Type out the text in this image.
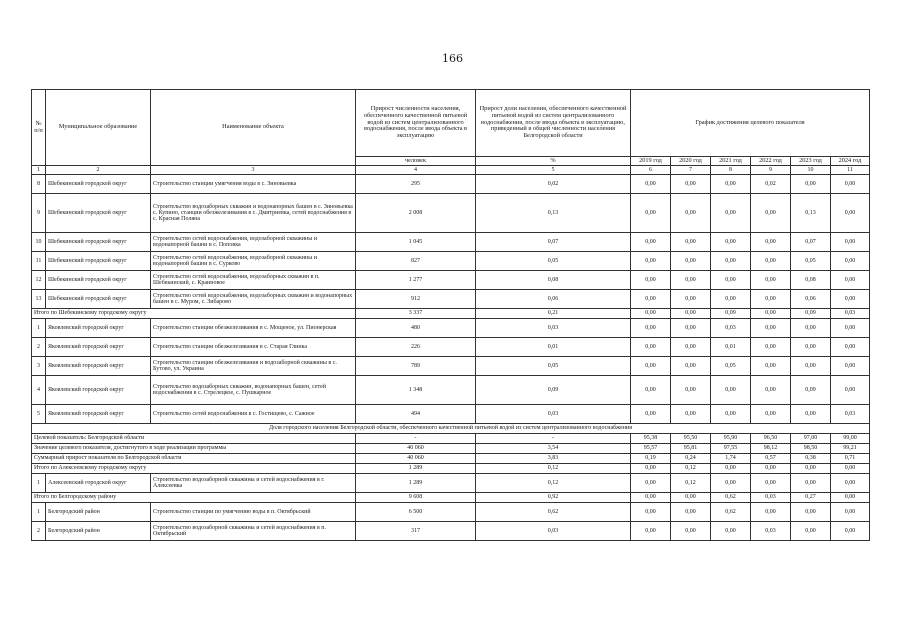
166
№ п/п	Муниципальное образование	Наименование объекта	Прирост численности населения, обеспеченного качественной питьевой водой из систем централизованного водоснабжения, после ввода объекта в эксплуатацию	Прирост доли населения, обеспеченного качественной питьевой водой из систем централизованного водоснабжения, после ввода объекта в эксплуатацию, приведенный в общей численности населения Белгородской области	График достижения целевого показателя					
			человек	%	2019 год	2020 год	2021 год	2022 год	2023 год	2024 год
1	2	3	4	5	6	7	8	9	10	11
8	Шебекинский городской округ	Строительство станции умягчения воды в с. Зиновьевка	295	0,02	0,00	0,00	0,00	0,02	0,00	0,00
9	Шебекинский городской округ	Строительство водозаборных скважин и водонапорных башен в с. Зиновьевка с. Купино, станции обезжелезивания в с. Дмитриевка, сетей водоснабжения в с. Красная Поляна	2 008	0,13	0,00	0,00	0,00	0,00	0,13	0,00
10	Шебекинский городской округ	Строительство сетей водоснабжения, водозаборной скважины и водонапорной башни в с. Поповка	1 045	0,07	0,00	0,00	0,00	0,00	0,07	0,00
11	Шебекинский городской округ	Строительство сетей водоснабжения, водозаборной скважины и водонапорной башни в с. Сурково	827	0,05	0,00	0,00	0,00	0,00	0,05	0,00
12	Шебекинский городской округ	Строительство сетей водоснабжения, водозаборных скважин в п. Шебекинский, с. Краиновое	1 277	0,08	0,00	0,00	0,00	0,00	0,08	0,00
13	Шебекинский городской округ	Строительство сетей водоснабжения, водозаборных скважин и водонапорных башен в с. Муром, с. Зибарово	912	0,06	0,00	0,00	0,00	0,00	0,06	0,00
Итого по Шебекинскому городскому округу			3 337	0,21	0,00	0,00	0,09	0,00	0,09	0,03
1	Яковлевский городской округ	Строительство станции обезжелезивания в с. Мощеное, ул. Пионерская	480	0,03	0,00	0,00	0,03	0,00	0,00	0,00
2	Яковлевский городской округ	Строительство станции обезжелезивания в с. Старая Глинка	226	0,01	0,00	0,00	0,01	0,00	0,00	0,00
3	Яковлевский городской округ	Строительство станции обезжелезивания и водозаборной скважины в с. Бутово, ул. Украина	789	0,05	0,00	0,00	0,05	0,00	0,00	0,00
4	Яковлевский городской округ	Строительство водозаборных скважин, водонапорных башен, сетей водоснабжения в с. Стрелецкое, с. Пушкарное	1 348	0,09	0,00	0,00	0,00	0,00	0,09	0,00
5	Яковлевский городской округ	Строительство сетей водоснабжения в с. Гостищево, с. Сажное	494	0,03	0,00	0,00	0,00	0,00	0,00	0,03
Доля городского населения Белгородской области, обеспеченного качественной питьевой водой из систем централизованного водоснабжения										
Целевой показатель: Белгородской области			-	-	95,38	95,50	95,90	96,50	97,00	99,00
Значение целевого показателя, достигнутого в ходе реализации программы			40 060	3,54	95,57	95,81	97,55	98,12	98,50	99,21
Суммарный прирост показателя по Белгородской области			40 060	3,83	0,19	0,24	1,74	0,57	0,38	0,71
Итого по Алексеевскому городскому округу			1 289	0,12	0,00	0,12	0,00	0,00	0,00	0,00
1	Алексеевский городской округ	Строительство водозаборной скважины и сетей водоснабжения в г. Алексеевка	1 289	0,12	0,00	0,12	0,00	0,00	0,00	0,00
Итого по Белгородскому району			9 608	0,92	0,00	0,00	0,62	0,03	0,27	0,00
1	Белгородский район	Строительство станции по умягчению воды в п. Октябрьский	6 500	0,62	0,00	0,00	0,62	0,00	0,00	0,00
2	Белгородский район	Строительство водозаборной скважины и сетей водоснабжения в п. Октябрьский	317	0,03	0,00	0,00	0,00	0,03	0,00	0,00
